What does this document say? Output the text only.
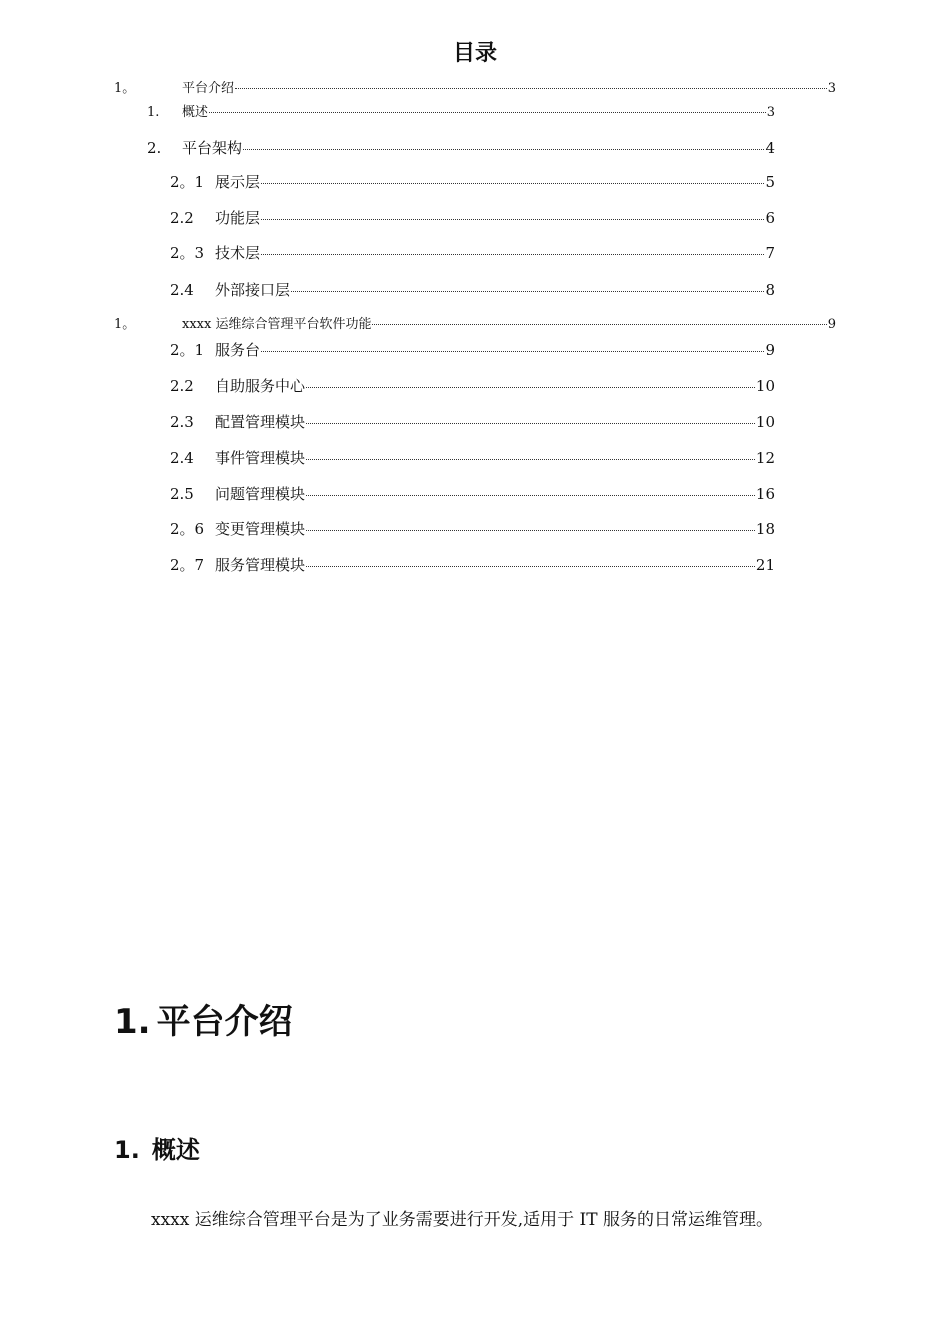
目录
1。	平台介绍	3
1.	概述	3
2.	平台架构	4
2。1 展示层	5
2.2	功能层	6
2。3 技术层	7
2.4	外部接口层	8
1。	xxxx 运维综合管理平台软件功能	9
2。1 服务台	9
2.2	自助服务中心	10
2.3	配置管理模块	10
2.4	事件管理模块	12
2.5	问题管理模块	16
2。6 变更管理模块	18
2。7 服务管理模块	21
1. 平台介绍
1. 概述
xxxx 运维综合管理平台是为了业务需要进行开发,适用于 IT 服务的日常运维管理。
